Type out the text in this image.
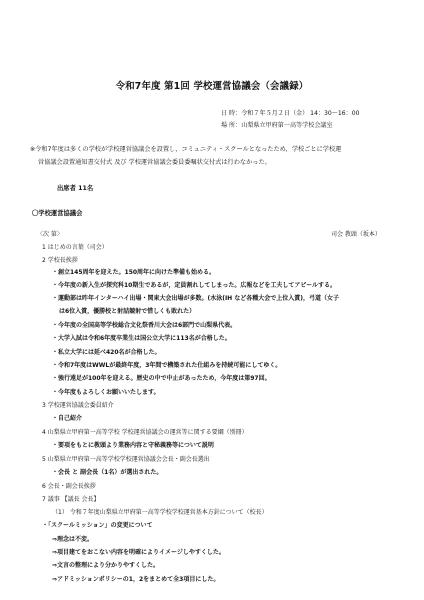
令和7年度 第1回 学校運営協議会（会議録）
日 時：令和７年５月２日（金） 14：30～16：00
場 所：山梨県立甲府第一高等学校会議室
※令和7年度は多くの学校が学校運営協議会を設置し，コミュニティ・スクールとなったため，学校ごとに学校運
営協議会設置通知書交付式 及び 学校運営協議会委員委嘱状交付式は行わなかった。
出席者 11名
〇学校運営協議会
〈次 第〉	司会 教頭（坂本）
1 はじめの言葉（司会）
2 学校長挨拶
・創立145周年を迎えた。150周年に向けた準備も始める。
・今年度の新入生が探究科10期生であるが，定員割れしてしまった。広報などを工夫してアピールする。
・運動部は昨年インターハイ出場・関東大会出場が多数。(水泳(IH など各種大会で上位入賞)，弓道（女子
は6位入賞，優勝校と射詰競射で惜しくも敗れた）
・今年度の全国高等学校総合文化祭香川大会は6部門で山梨県代表。
・大学入試は令和6年度卒業生は国公立大学に113名が合格した。
・私立大学には延べ420名が合格した。
・令和7年度はWWLが最終年度，3年間で構築された仕組みを持続可能にしてゆく。
・強行遠足が100年を迎える。歴史の中で中止があったため，今年度は第97回。
・今年度もよろしくお願いいたします。
3 学校運営協議会委員紹介
・自己紹介
4 山梨県立甲府第一高等学校 学校運営協議会の運営等に関する要綱（別冊）
・要項をもとに教頭より業務内容と守秘義務等について説明
5 山梨県立甲府第一高等学校学校運営協議会会長・副会長選出
・会長 と 副会長（1名）が選出された。
6 会長・副会長挨拶
7 議事 【議長 会長】
（1） 令和７年度山梨県立甲府第一高等学校学校運営基本方針について（校長）
・「スクールミッション」の変更について
⇒理念は不変。
⇒項目建てをおこない内容を明確によりイメージしやすくした。
⇒文言の整理により分かりやすくした。
⇒アドミッションポリシーの1，2をまとめて全3項目にした。
